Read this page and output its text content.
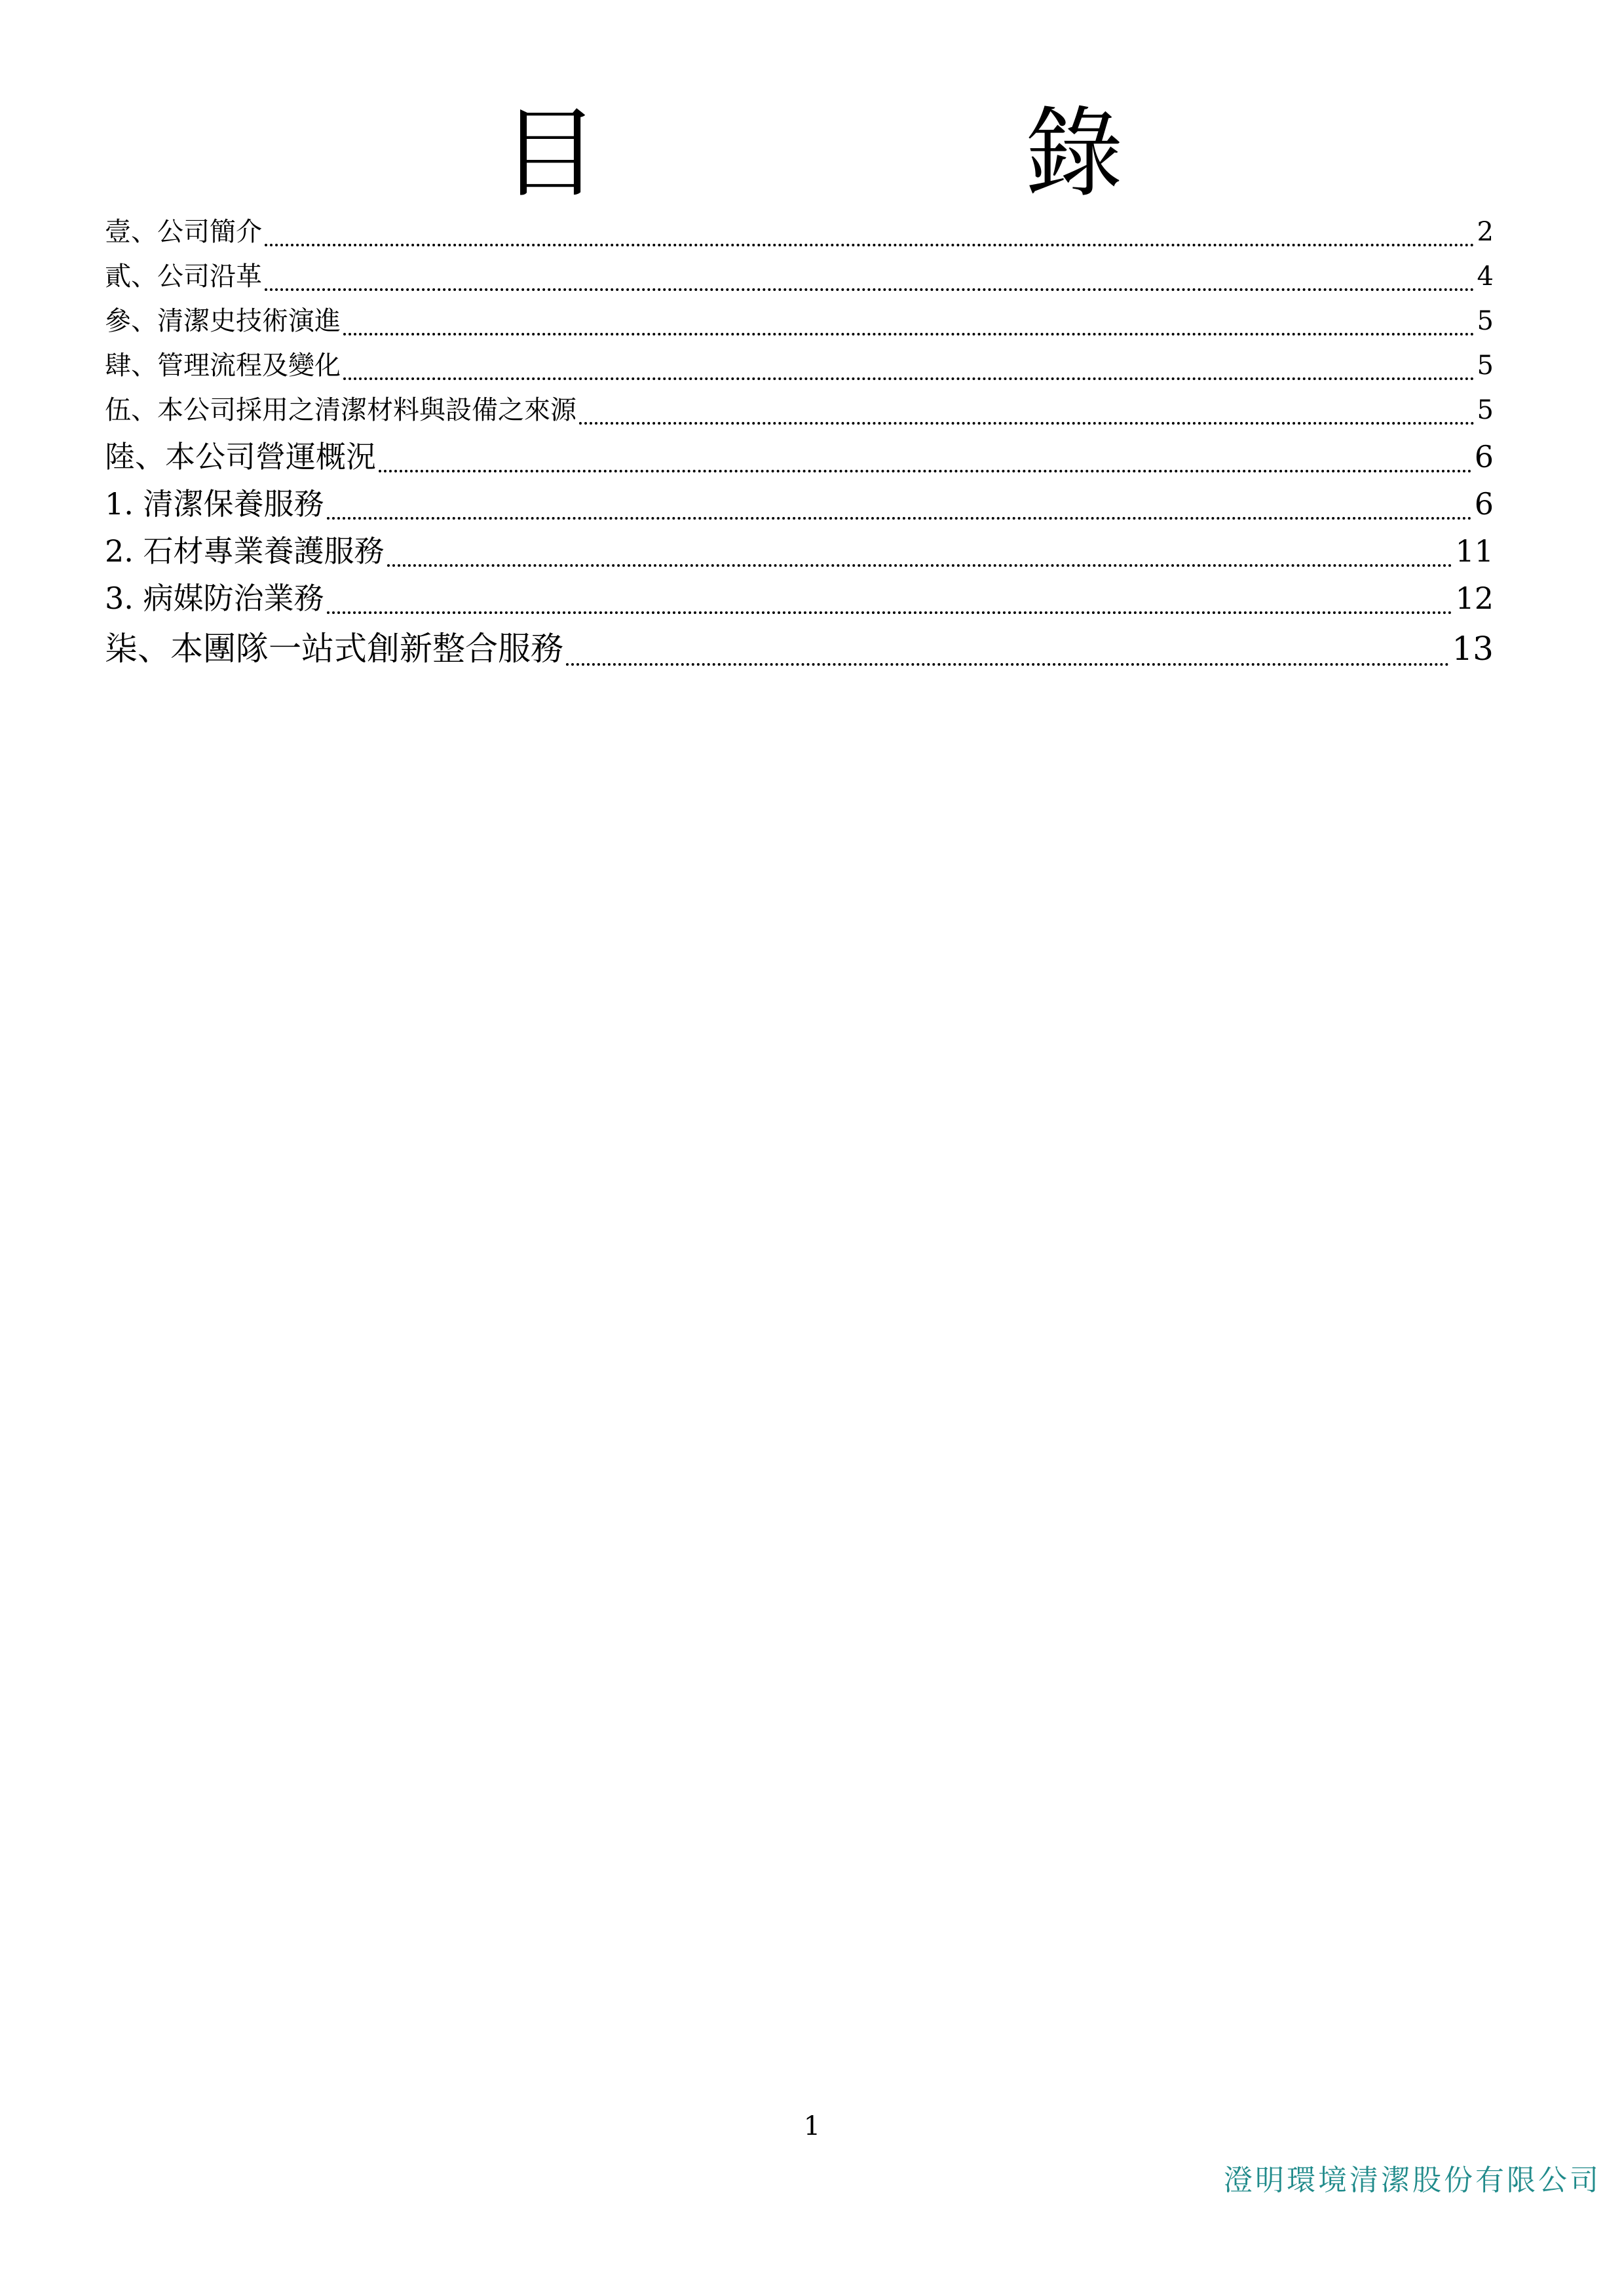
目　錄
壹、公司簡介	2
貳、公司沿革	4
參、清潔史技術演進	5
肆、管理流程及變化	5
伍、本公司採用之清潔材料與設備之來源	5
陸、本公司營運概況	6
1. 清潔保養服務	6
2. 石材專業養護服務	11
3. 病媒防治業務	12
柒、本團隊一站式創新整合服務	13
1
澄明環境清潔股份有限公司
